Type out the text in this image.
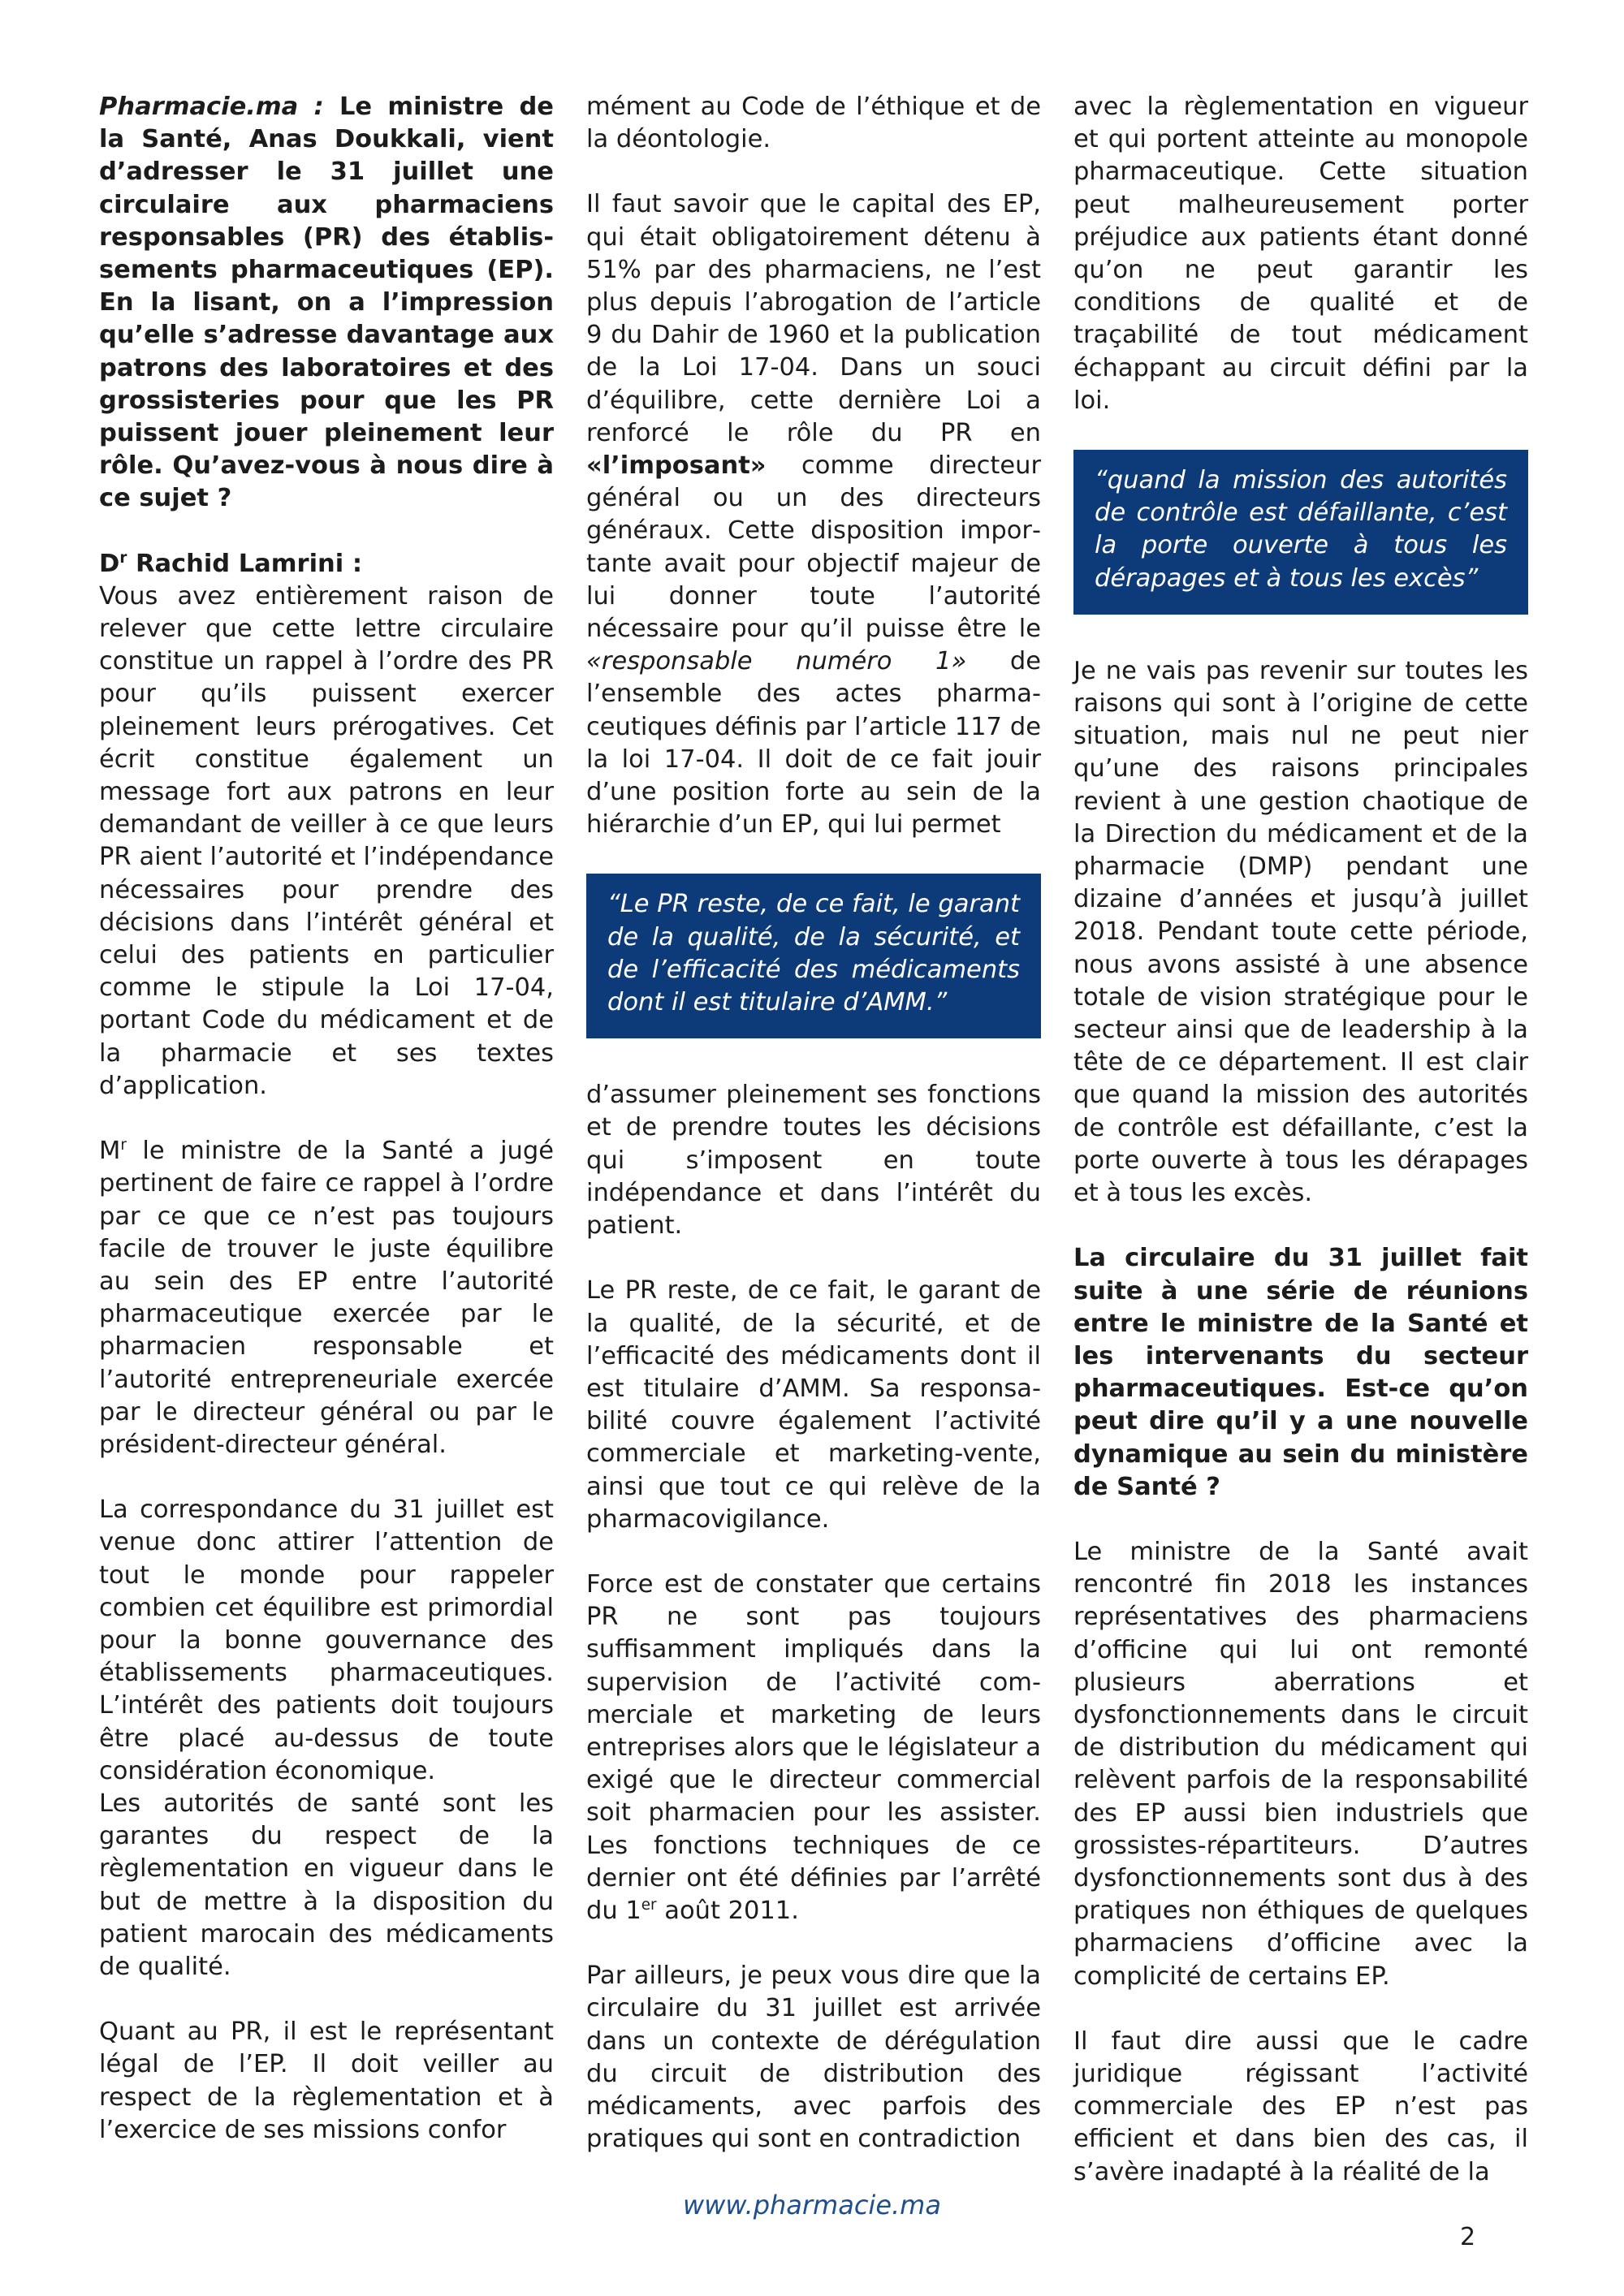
Pharmacie.ma : Le ministre de la Santé, Anas Doukkali, vient d’adresser le 31 juillet une circulaire aux pharmaciens responsables (PR) des établissements pharmaceutiques (EP). En la lisant, on a l’impression qu’elle s’adresse davantage aux patrons des laboratoires et des grossisteries pour que les PR puissent jouer pleinement leur rôle. Qu’avez-vous à nous dire à ce sujet ?

$D^r$ Rachid Lamrini :

Vous avez entièrement raison de relever que cette lettre circulaire constitue un rappel à l’ordre des PR pour qu’ils puissent exercer pleinement leurs prérogatives. Cet écrit constitue également un message fort aux patrons en leur demandant de veiller à ce que leurs PR aient l’autorité et l’indépendance nécessaires pour prendre des décisions dans l’intérêt général et celui des patients en particulier comme le stipule la Loi 17-04, portant Code du médicament et de la pharmacie et ses textes d’application.

$M^r$ le ministre de la Santé a jugé pertinent de faire ce rappel à l’ordre par ce que ce n’est pas toujours facile de trouver le juste équilibre au sein des EP entre l’autorité pharmaceutique exercée par le pharmacien responsable et l’autorité entrepreneuriale exercée par le directeur général ou par le président-directeur général.

La correspondance du 31 juillet est venue donc attirer l’attention de tout le monde pour rappeler combien cet équilibre est primordial pour la bonne gouvernance des établissements pharmaceutiques. L’intérêt des patients doit toujours être placé au-dessus de toute considération économique.

Les autorités de santé sont les garantes du respect de la règlementation en vigueur dans le but de mettre à la disposition du patient marocain des médicaments de qualité.

Quant au PR, il est le représentant légal de l’EP. Il doit veiller au respect de la règlementation et à l’exercice de ses missions confor

mément au Code de l’éthique et de la déontologie.

Il faut savoir que le capital des EP, qui était obligatoirement détenu à 51% par des pharmaciens, ne l’est plus depuis l’abrogation de l’article 9 du Dahir de 1960 et la publication de la Loi 17-04. Dans un souci d’équilibre, cette dernière Loi a renforcé le rôle du PR en «l’imposant» comme directeur général ou un des directeurs généraux. Cette disposition importante avait pour objectif majeur de lui donner toute l’autorité nécessaire pour qu’il puisse être le «responsable numéro 1» de l’ensemble des actes pharmaceutiques définis par l’article 117 de la loi 17-04. Il doit de ce fait jouir d’une position forte au sein de la hiérarchie d’un EP, qui lui permet

“Le PR reste, de ce fait, le garant de la qualité, de la sécurité, et de l’efficacité des médicaments dont il est titulaire d’AMM.”

d’assumer pleinement ses fonctions et de prendre toutes les décisions qui s’imposent en toute indépendance et dans l’intérêt du patient.

Le PR reste, de ce fait, le garant de la qualité, de la sécurité, et de l’efficacité des médicaments dont il est titulaire d’AMM. Sa responsabilité couvre également l’activité commerciale et marketing-vente, ainsi que tout ce qui relève de la pharmacovigilance.

Force est de constater que certains PR ne sont pas toujours suffisamment impliqués dans la supervision de l’activité commerciale et marketing de leurs entreprises alors que le législateur a exigé que le directeur commercial soit pharmacien pour les assister. Les fonctions techniques de ce dernier ont été définies par l’arrêté du 1er août 2011.

Par ailleurs, je peux vous dire que la circulaire du 31 juillet est arrivée dans un contexte de dérégulation du circuit de distribution des médicaments, avec parfois des pratiques qui sont en contradiction

avec la règlementation en vigueur et qui portent atteinte au monopole pharmaceutique. Cette situation peut malheureusement porter préjudice aux patients étant donné qu’on ne peut garantir les conditions de qualité et de traçabilité de tout médicament échappant au circuit défini par la loi.

“quand la mission des autorités de contrôle est défaillante, c’est la porte ouverte à tous les dérapages et à tous les excès”

Je ne vais pas revenir sur toutes les raisons qui sont à l’origine de cette situation, mais nul ne peut nier qu’une des raisons principales revient à une gestion chaotique de la Direction du médicament et de la pharmacie (DMP) pendant une dizaine d’années et jusqu’à juillet 2018. Pendant toute cette période, nous avons assisté à une absence totale de vision stratégique pour le secteur ainsi que de leadership à la tête de ce département. Il est clair que quand la mission des autorités de contrôle est défaillante, c’est la porte ouverte à tous les dérapages et à tous les excès.

La circulaire du 31 juillet fait suite à une série de réunions entre le ministre de la Santé et les intervenants du secteur pharmaceutiques. Est-ce qu’on peut dire qu’il y a une nouvelle dynamique au sein du ministère de Santé ?

Le ministre de la Santé avait rencontré fin 2018 les instances représentatives des pharmaciens d’officine qui lui ont remonté plusieurs aberrations et dysfonctionnements dans le circuit de distribution du médicament qui relèvent parfois de la responsabilité des EP aussi bien industriels que grossistes-répartiteurs. D’autres dysfonctionnements sont dus à des pratiques non éthiques de quelques pharmaciens d’officine avec la complicité de certains EP.

Il faut dire aussi que le cadre juridique régissant l’activité commerciale des EP n’est pas efficient et dans bien des cas, il s’avère inadapté à la réalité de la

www.pharmacie.ma
2
